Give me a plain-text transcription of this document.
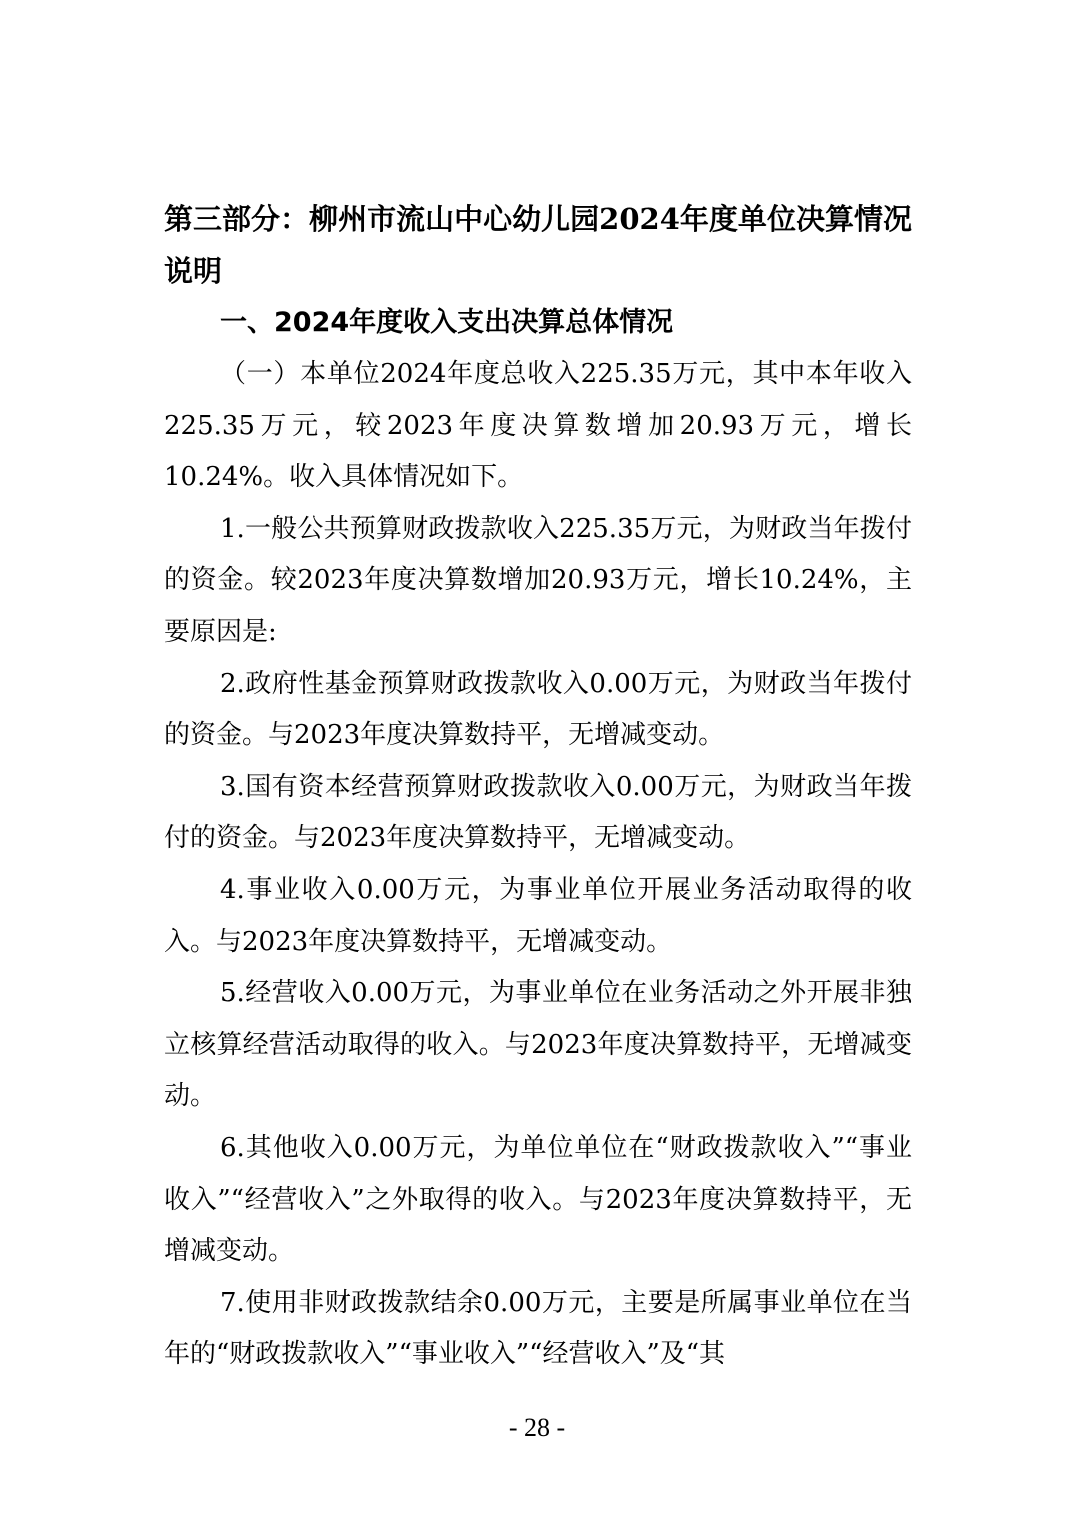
第三部分：柳州市流山中心幼儿园2024年度单位决算情况说明
一、2024年度收入支出决算总体情况

（一）本单位2024年度总收入225.35万元，其中本年收入225.35万元，较2023年度决算数增加20.93万元，增长10.24%。收入具体情况如下。

1.一般公共预算财政拨款收入225.35万元，为财政当年拨付的资金。较2023年度决算数增加20.93万元，增长10.24%，主要原因是:

2.政府性基金预算财政拨款收入0.00万元，为财政当年拨付的资金。与2023年度决算数持平，无增减变动。

3.国有资本经营预算财政拨款收入0.00万元，为财政当年拨付的资金。与2023年度决算数持平，无增减变动。

4.事业收入0.00万元，为事业单位开展业务活动取得的收入。与2023年度决算数持平，无增减变动。

5.经营收入0.00万元，为事业单位在业务活动之外开展非独立核算经营活动取得的收入。与2023年度决算数持平，无增减变动。

6.其他收入0.00万元，为单位单位在“财政拨款收入”“事业收入”“经营收入”之外取得的收入。与2023年度决算数持平，无增减变动。

7.使用非财政拨款结余0.00万元，主要是所属事业单位在当年的“财政拨款收入”“事业收入”“经营收入”及“其

- 28 -
